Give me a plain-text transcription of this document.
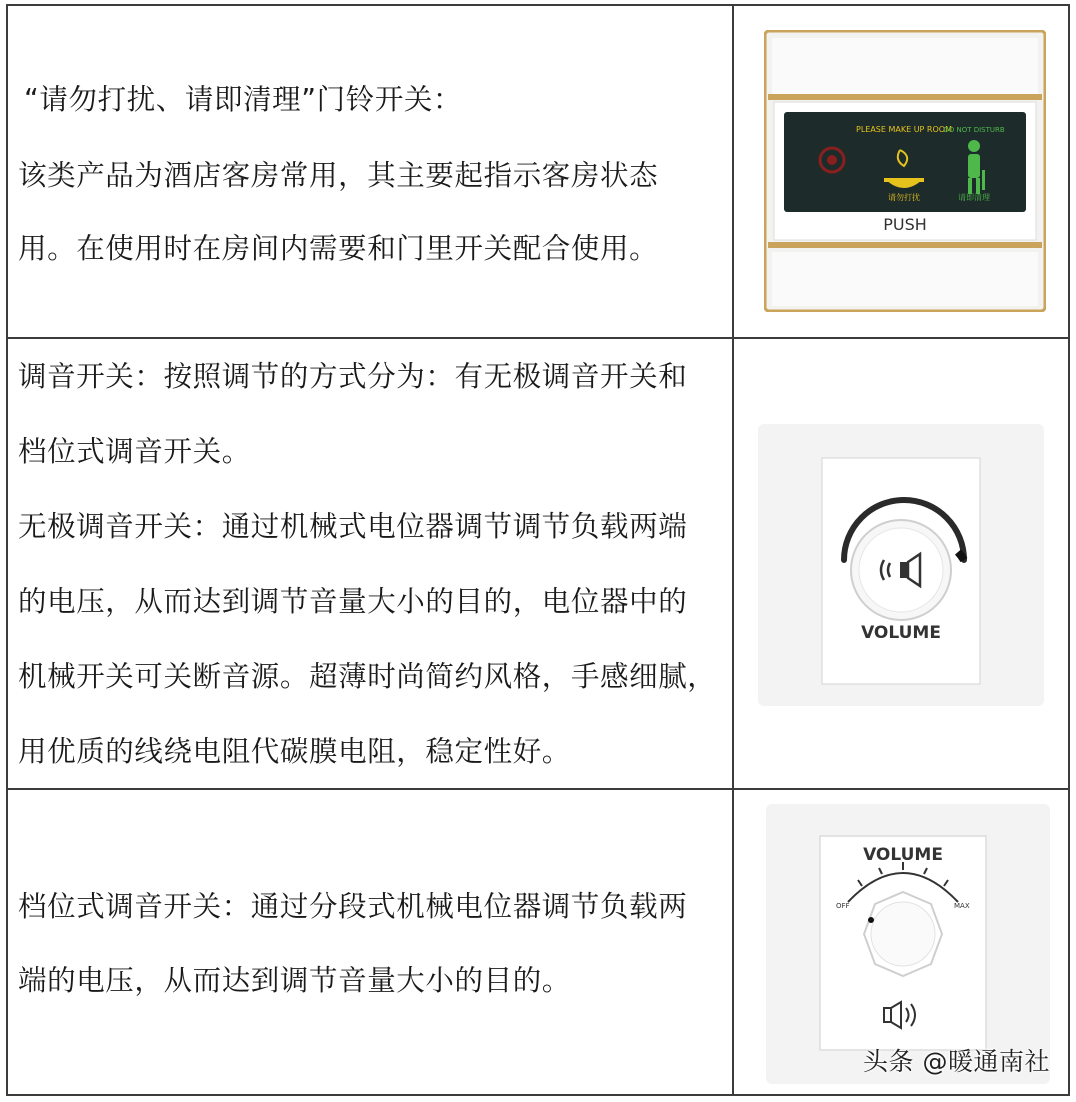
“请勿打扰、请即清理”门铃开关：
该类产品为酒店客房常用，其主要起指示客房状态
用。在使用时在房间内需要和门里开关配合使用。
PLEASE MAKE UP ROOM
DO NOT DISTURB
请勿打扰	请即清理
PUSH
调音开关：按照调节的方式分为：有无极调音开关和
档位式调音开关。
无极调音开关：通过机械式电位器调节调节负载两端
的电压，从而达到调节音量大小的目的，电位器中的
机械开关可关断音源。超薄时尚简约风格，手感细腻，
用优质的线绕电阻代碳膜电阻，稳定性好。
VOLUME
档位式调音开关：通过分段式机械电位器调节负载两
端的电压，从而达到调节音量大小的目的。
VOLUME
OFF	MAX
头条 @暖通南社
